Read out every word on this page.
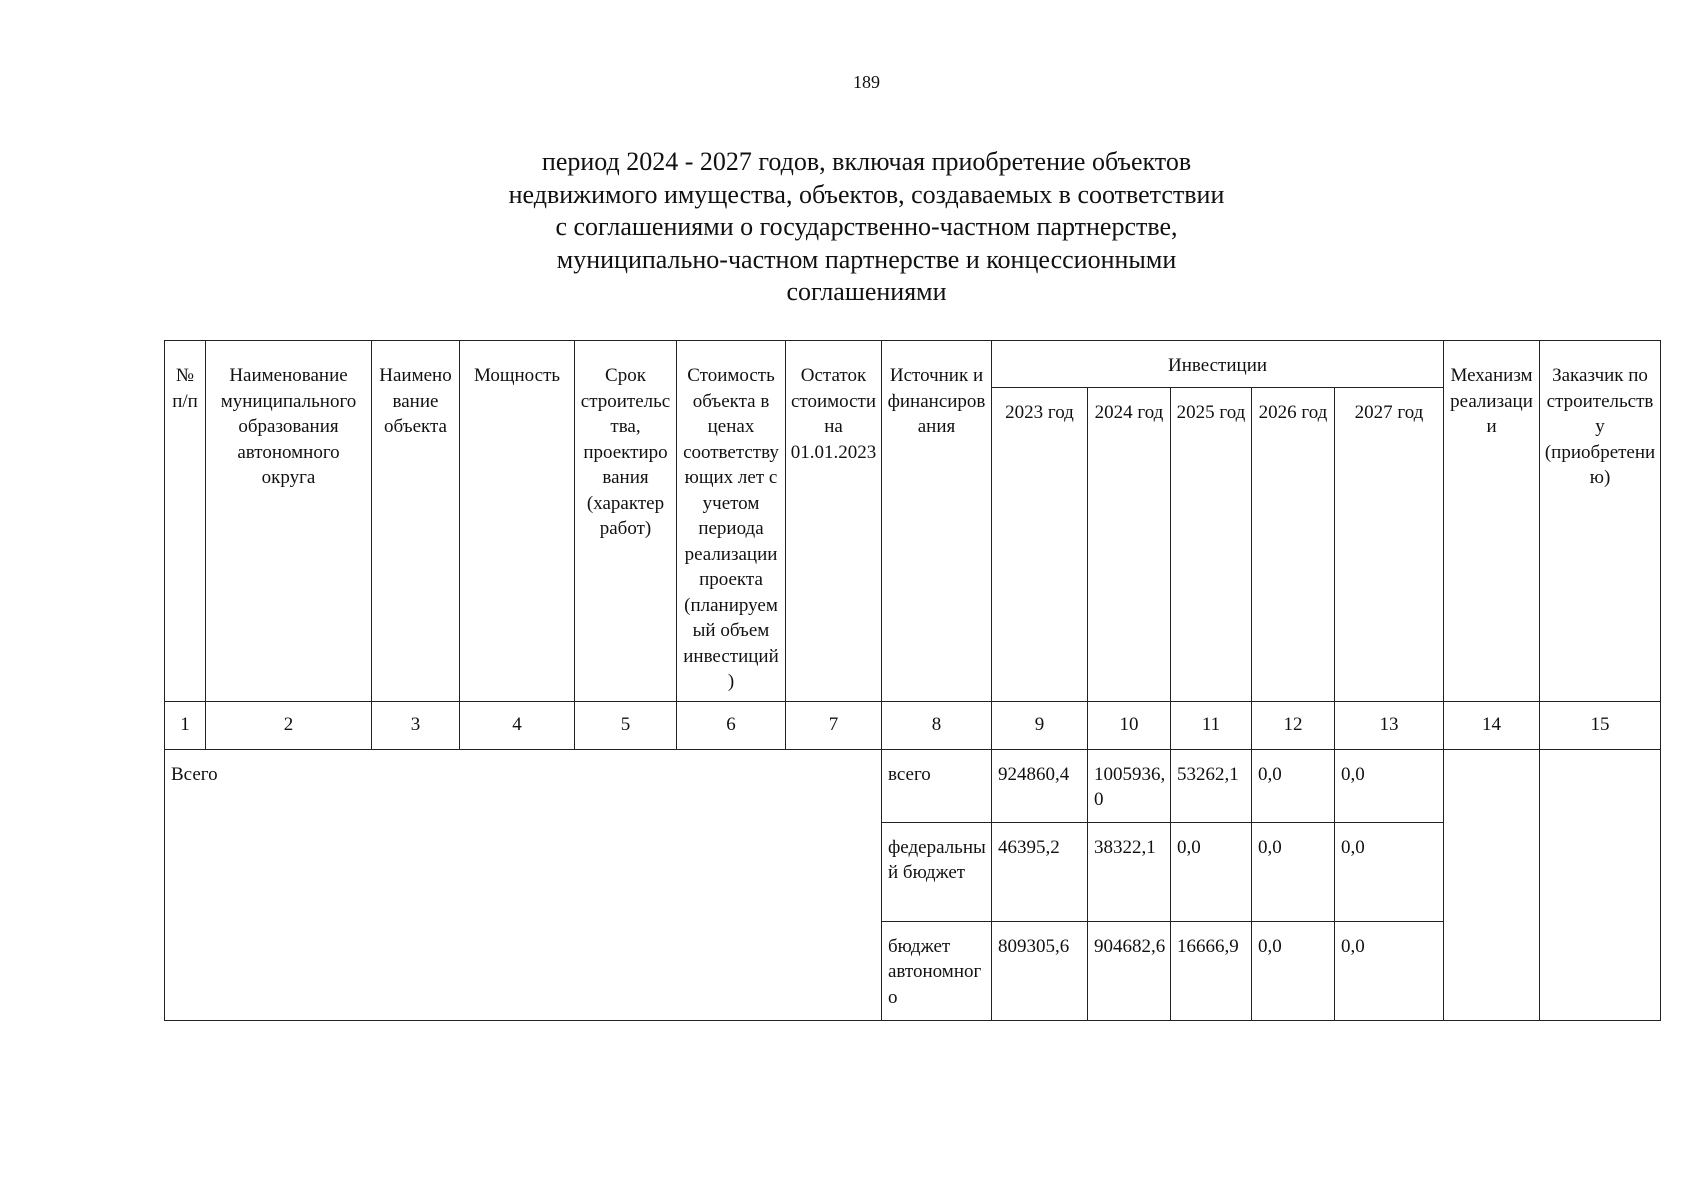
189
период 2024 - 2027 годов, включая приобретение объектов
недвижимого имущества, объектов, создаваемых в соответствии
с соглашениями о государственно-частном партнерстве,
муниципально-частном партнерстве и концессионными
соглашениями
№ п/п	Наименование муниципального образования автономного округа	Наименование объекта	Мощность	Срок строительства, проектирования (характер работ)	Стоимость объекта в ценах соответствующих лет с учетом периода реализации проекта (планируемый объем инвестиций)	Остаток стоимости на 01.01.2023	Источник и финансирования	Инвестиции					Механизм реализации	Заказчик по строительству (приобретению)
								2023 год	2024 год	2025 год	2026 год	2027 год		
1	2	3	4	5	6	7	8	9	10	11	12	13	14	15
Всего							всего	924860,4	1005936,0	53262,1	0,0	0,0		
							федеральный бюджет	46395,2	38322,1	0,0	0,0	0,0		
							бюджет автономного	809305,6	904682,6	16666,9	0,0	0,0		
